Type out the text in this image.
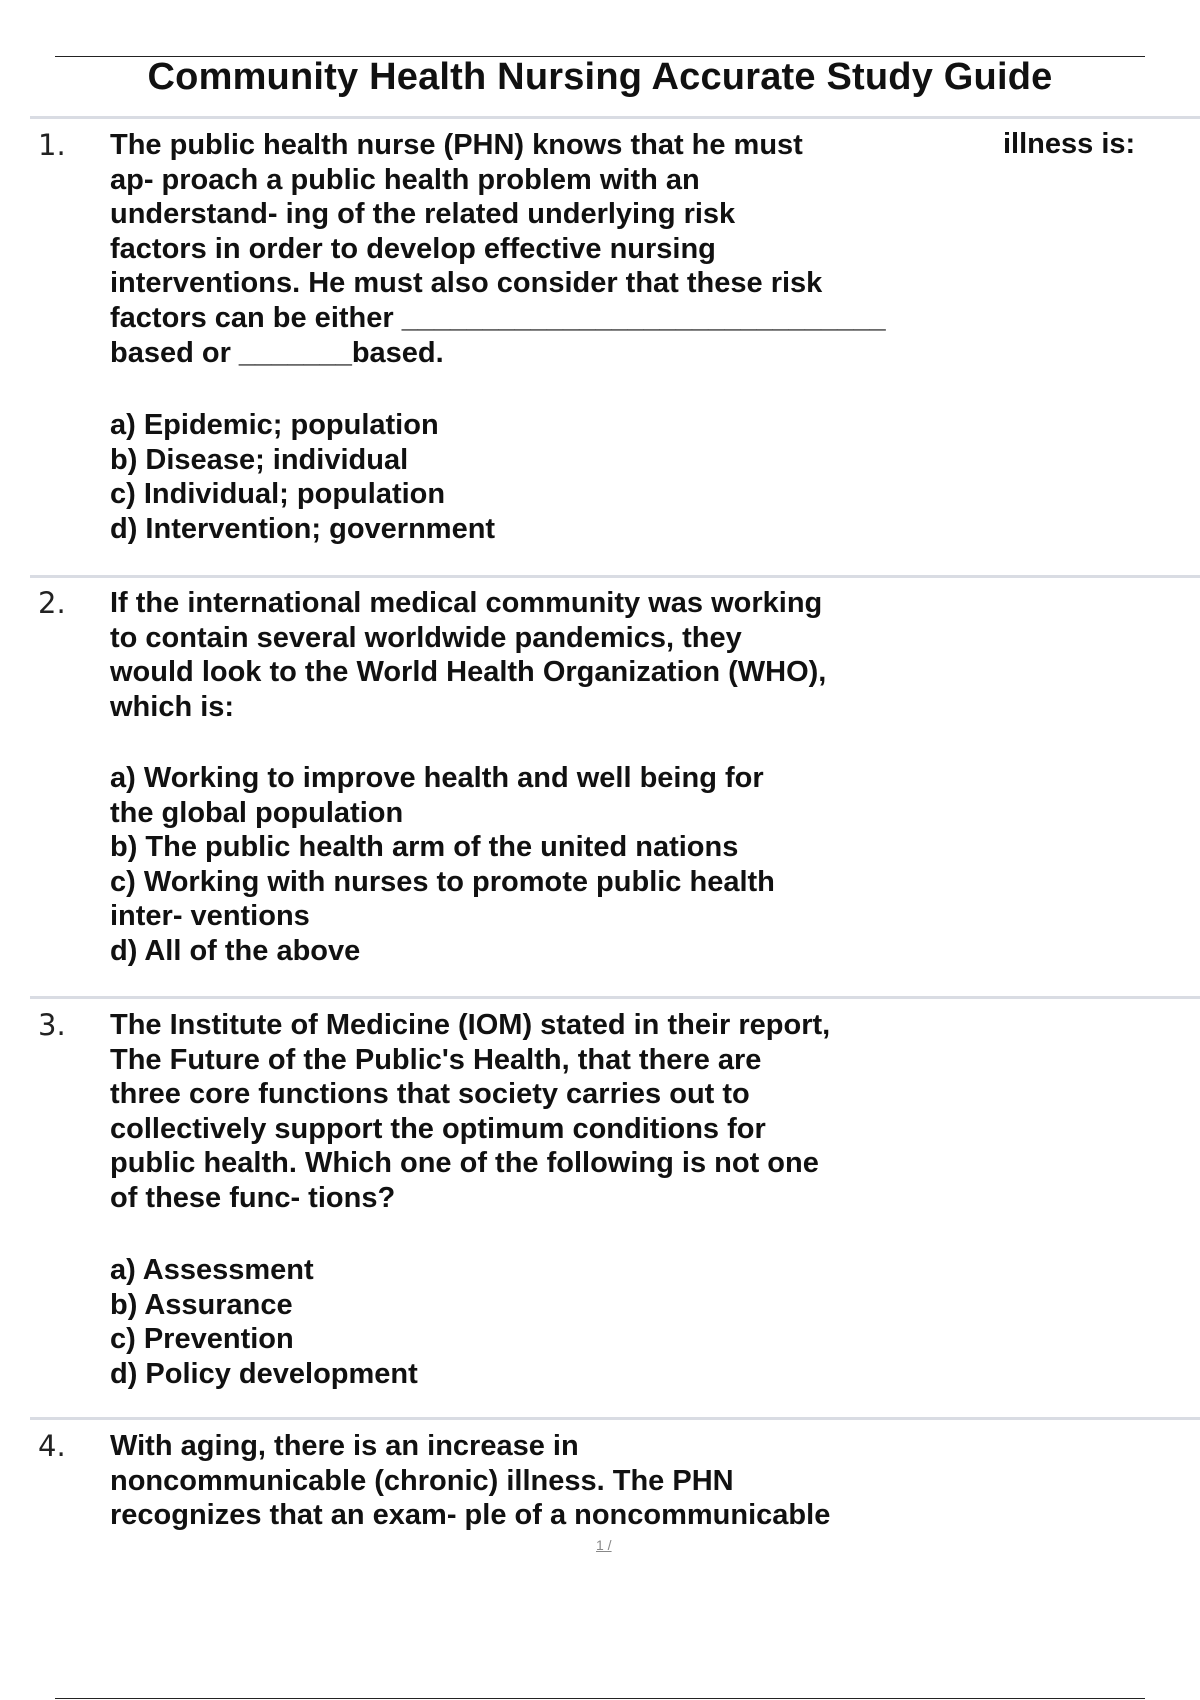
Community Health Nursing Accurate Study Guide
1. The public health nurse (PHN) knows that he must
ap- proach a public health problem with an
understand- ing of the related underlying risk
factors in order to develop effective nursing
interventions. He must also consider that these risk
factors can be either ______________________________
based or _______based.
illness is:
a) Epidemic; population
b) Disease; individual
c) Individual; population
d) Intervention; government
2. If the international medical community was working
to contain several worldwide pandemics, they
would look to the World Health Organization (WHO),
which is:
a) Working to improve health and well being for
the global population
b) The public health arm of the united nations
c) Working with nurses to promote public health
inter- ventions
d) All of the above
3. The Institute of Medicine (IOM) stated in their report,
The Future of the Public's Health, that there are
three core functions that society carries out to
collectively support the optimum conditions for
public health. Which one of the following is not one
of these func- tions?
a) Assessment
b) Assurance
c) Prevention
d) Policy development
4. With aging, there is an increase in
noncommunicable (chronic) illness. The PHN
recognizes that an exam- ple of a noncommunicable
1 /
